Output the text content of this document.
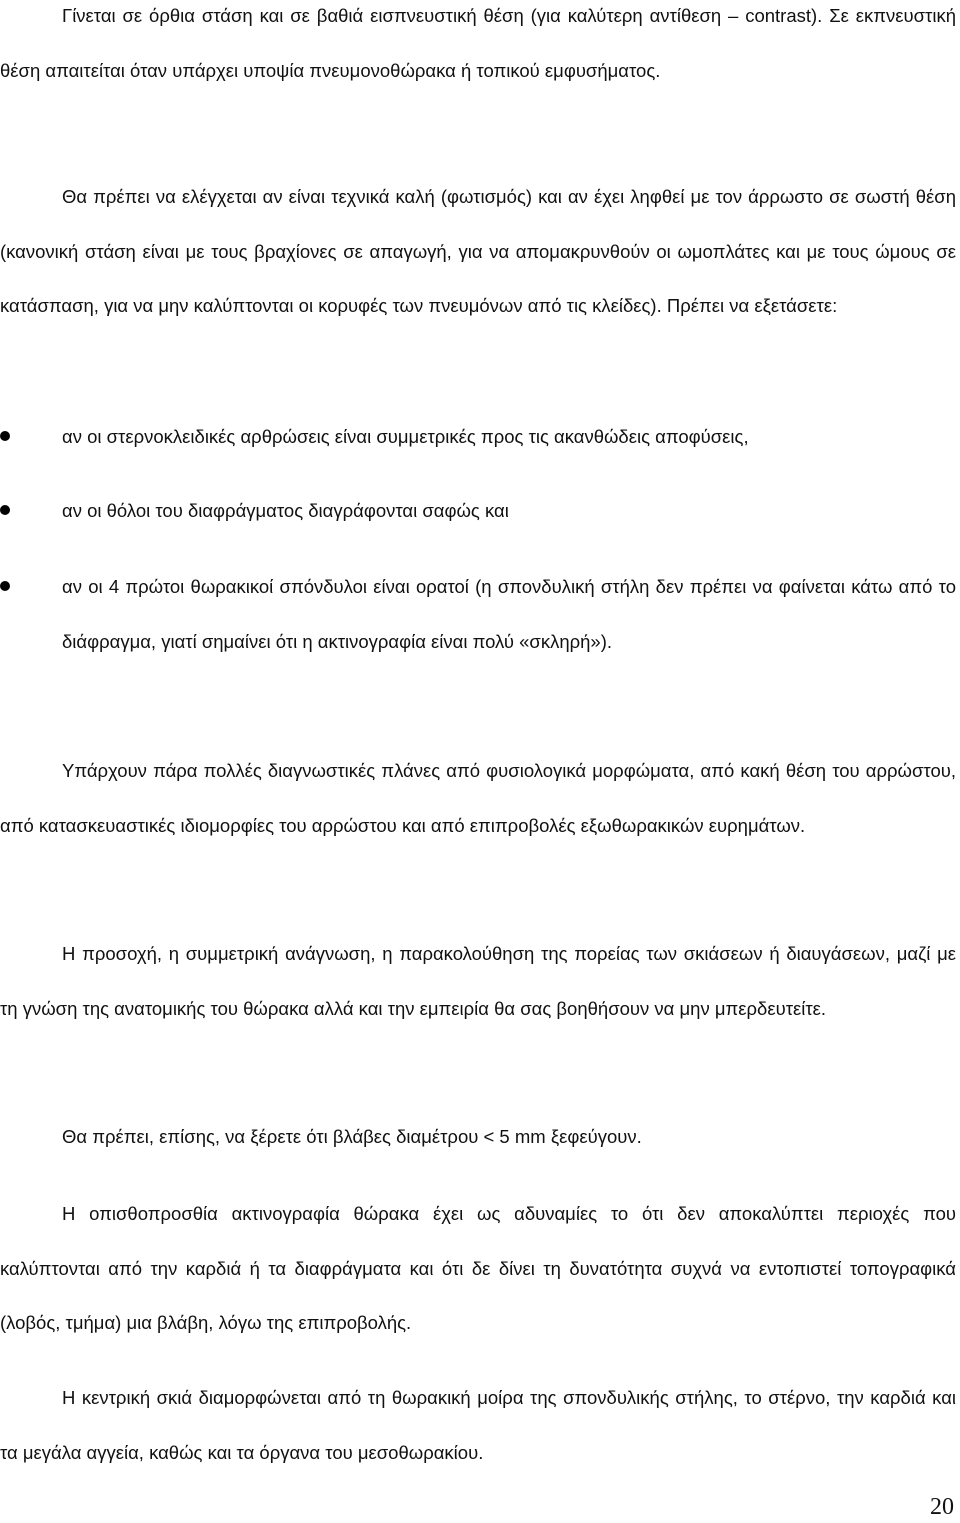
Γίνεται σε όρθια στάση και σε βαθιά εισπνευστική θέση (για καλύτερη αντίθεση – contrast). Σε εκπνευστική θέση απαιτείται όταν υπάρχει υποψία πνευμονοθώρακα ή τοπικού εμφυσήματος.

Θα πρέπει να ελέγχεται αν είναι τεχνικά καλή (φωτισμός) και αν έχει ληφθεί με τον άρρωστο σε σωστή θέση (κανονική στάση είναι με τους βραχίονες σε απαγωγή, για να απομακρυνθούν οι ωμοπλάτες και με τους ώμους σε κατάσπαση, για να μην καλύπτονται οι κορυφές των πνευμόνων από τις κλείδες). Πρέπει να εξετάσετε:

αν οι στερνοκλειδικές αρθρώσεις είναι συμμετρικές προς τις ακανθώδεις αποφύσεις,

αν οι θόλοι του διαφράγματος διαγράφονται σαφώς και

αν οι 4 πρώτοι θωρακικοί σπόνδυλοι είναι ορατοί (η σπονδυλική στήλη δεν πρέπει να φαίνεται κάτω από το διάφραγμα, γιατί σημαίνει ότι η ακτινογραφία είναι πολύ «σκληρή»).

Υπάρχουν πάρα πολλές διαγνωστικές πλάνες από φυσιολογικά μορφώματα, από κακή θέση του αρρώστου, από κατασκευαστικές ιδιομορφίες του αρρώστου και από επιπροβολές εξωθωρακικών ευρημάτων.

Η προσοχή, η συμμετρική ανάγνωση, η παρακολούθηση της πορείας των σκιάσεων ή διαυγάσεων, μαζί με τη γνώση της ανατομικής του θώρακα αλλά και την εμπειρία θα σας βοηθήσουν να μην μπερδευτείτε.

Θα πρέπει, επίσης, να ξέρετε ότι βλάβες διαμέτρου < 5 mm ξεφεύγουν.

Η οπισθοπροσθία ακτινογραφία θώρακα έχει ως αδυναμίες το ότι δεν αποκαλύπτει περιοχές που καλύπτονται από την καρδιά ή τα διαφράγματα και ότι δε δίνει τη δυνατότητα συχνά να εντοπιστεί τοπογραφικά (λοβός, τμήμα) μια βλάβη, λόγω της επιπροβολής.

Η κεντρική σκιά διαμορφώνεται από τη θωρακική μοίρα της σπονδυλικής στήλης, το στέρνο, την καρδιά και τα μεγάλα αγγεία, καθώς και τα όργανα του μεσοθωρακίου.

20
